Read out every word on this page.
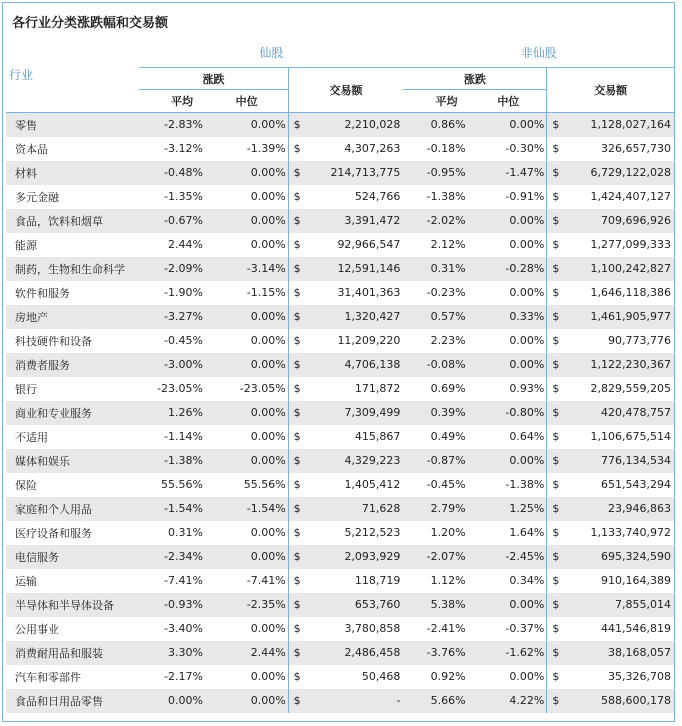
各行业分类涨跌幅和交易额
行业	仙股				非仙股			
	涨跌		交易额		涨跌		交易额	
	平均	中位			平均	中位		

零售	-2.83%	0.00%	$	2,210,028	0.86%	0.00%	$	1,128,027,164
资本品	-3.12%	-1.39%	$	4,307,263	-0.18%	-0.30%	$	326,657,730
材料	-0.48%	0.00%	$	214,713,775	-0.95%	-1.47%	$	6,729,122,028
多元金融	-1.35%	0.00%	$	524,766	-1.38%	-0.91%	$	1,424,407,127
食品，饮料和烟草	-0.67%	0.00%	$	3,391,472	-2.02%	0.00%	$	709,696,926
能源	2.44%	0.00%	$	92,966,547	2.12%	0.00%	$	1,277,099,333
制药，生物和生命科学	-2.09%	-3.14%	$	12,591,146	0.31%	-0.28%	$	1,100,242,827
软件和服务	-1.90%	-1.15%	$	31,401,363	-0.23%	0.00%	$	1,646,118,386
房地产	-3.27%	0.00%	$	1,320,427	0.57%	0.33%	$	1,461,905,977
科技硬件和设备	-0.45%	0.00%	$	11,209,220	2.23%	0.00%	$	90,773,776
消费者服务	-3.00%	0.00%	$	4,706,138	-0.08%	0.00%	$	1,122,230,367
银行	-23.05%	-23.05%	$	171,872	0.69%	0.93%	$	2,829,559,205
商业和专业服务	1.26%	0.00%	$	7,309,499	0.39%	-0.80%	$	420,478,757
不适用	-1.14%	0.00%	$	415,867	0.49%	0.64%	$	1,106,675,514
媒体和娱乐	-1.38%	0.00%	$	4,329,223	-0.87%	0.00%	$	776,134,534
保险	55.56%	55.56%	$	1,405,412	-0.45%	-1.38%	$	651,543,294
家庭和个人用品	-1.54%	-1.54%	$	71,628	2.79%	1.25%	$	23,946,863
医疗设备和服务	0.31%	0.00%	$	5,212,523	1.20%	1.64%	$	1,133,740,972
电信服务	-2.34%	0.00%	$	2,093,929	-2.07%	-2.45%	$	695,324,590
运输	-7.41%	-7.41%	$	118,719	1.12%	0.34%	$	910,164,389
半导体和半导体设备	-0.93%	-2.35%	$	653,760	5.38%	0.00%	$	7,855,014
公用事业	-3.40%	0.00%	$	3,780,858	-2.41%	-0.37%	$	441,546,819
消费耐用品和服装	3.30%	2.44%	$	2,486,458	-3.76%	-1.62%	$	38,168,057
汽车和零部件	-2.17%	0.00%	$	50,468	0.92%	0.00%	$	35,326,708
食品和日用品零售	0.00%	0.00%	$	-	5.66%	4.22%	$	588,600,178
